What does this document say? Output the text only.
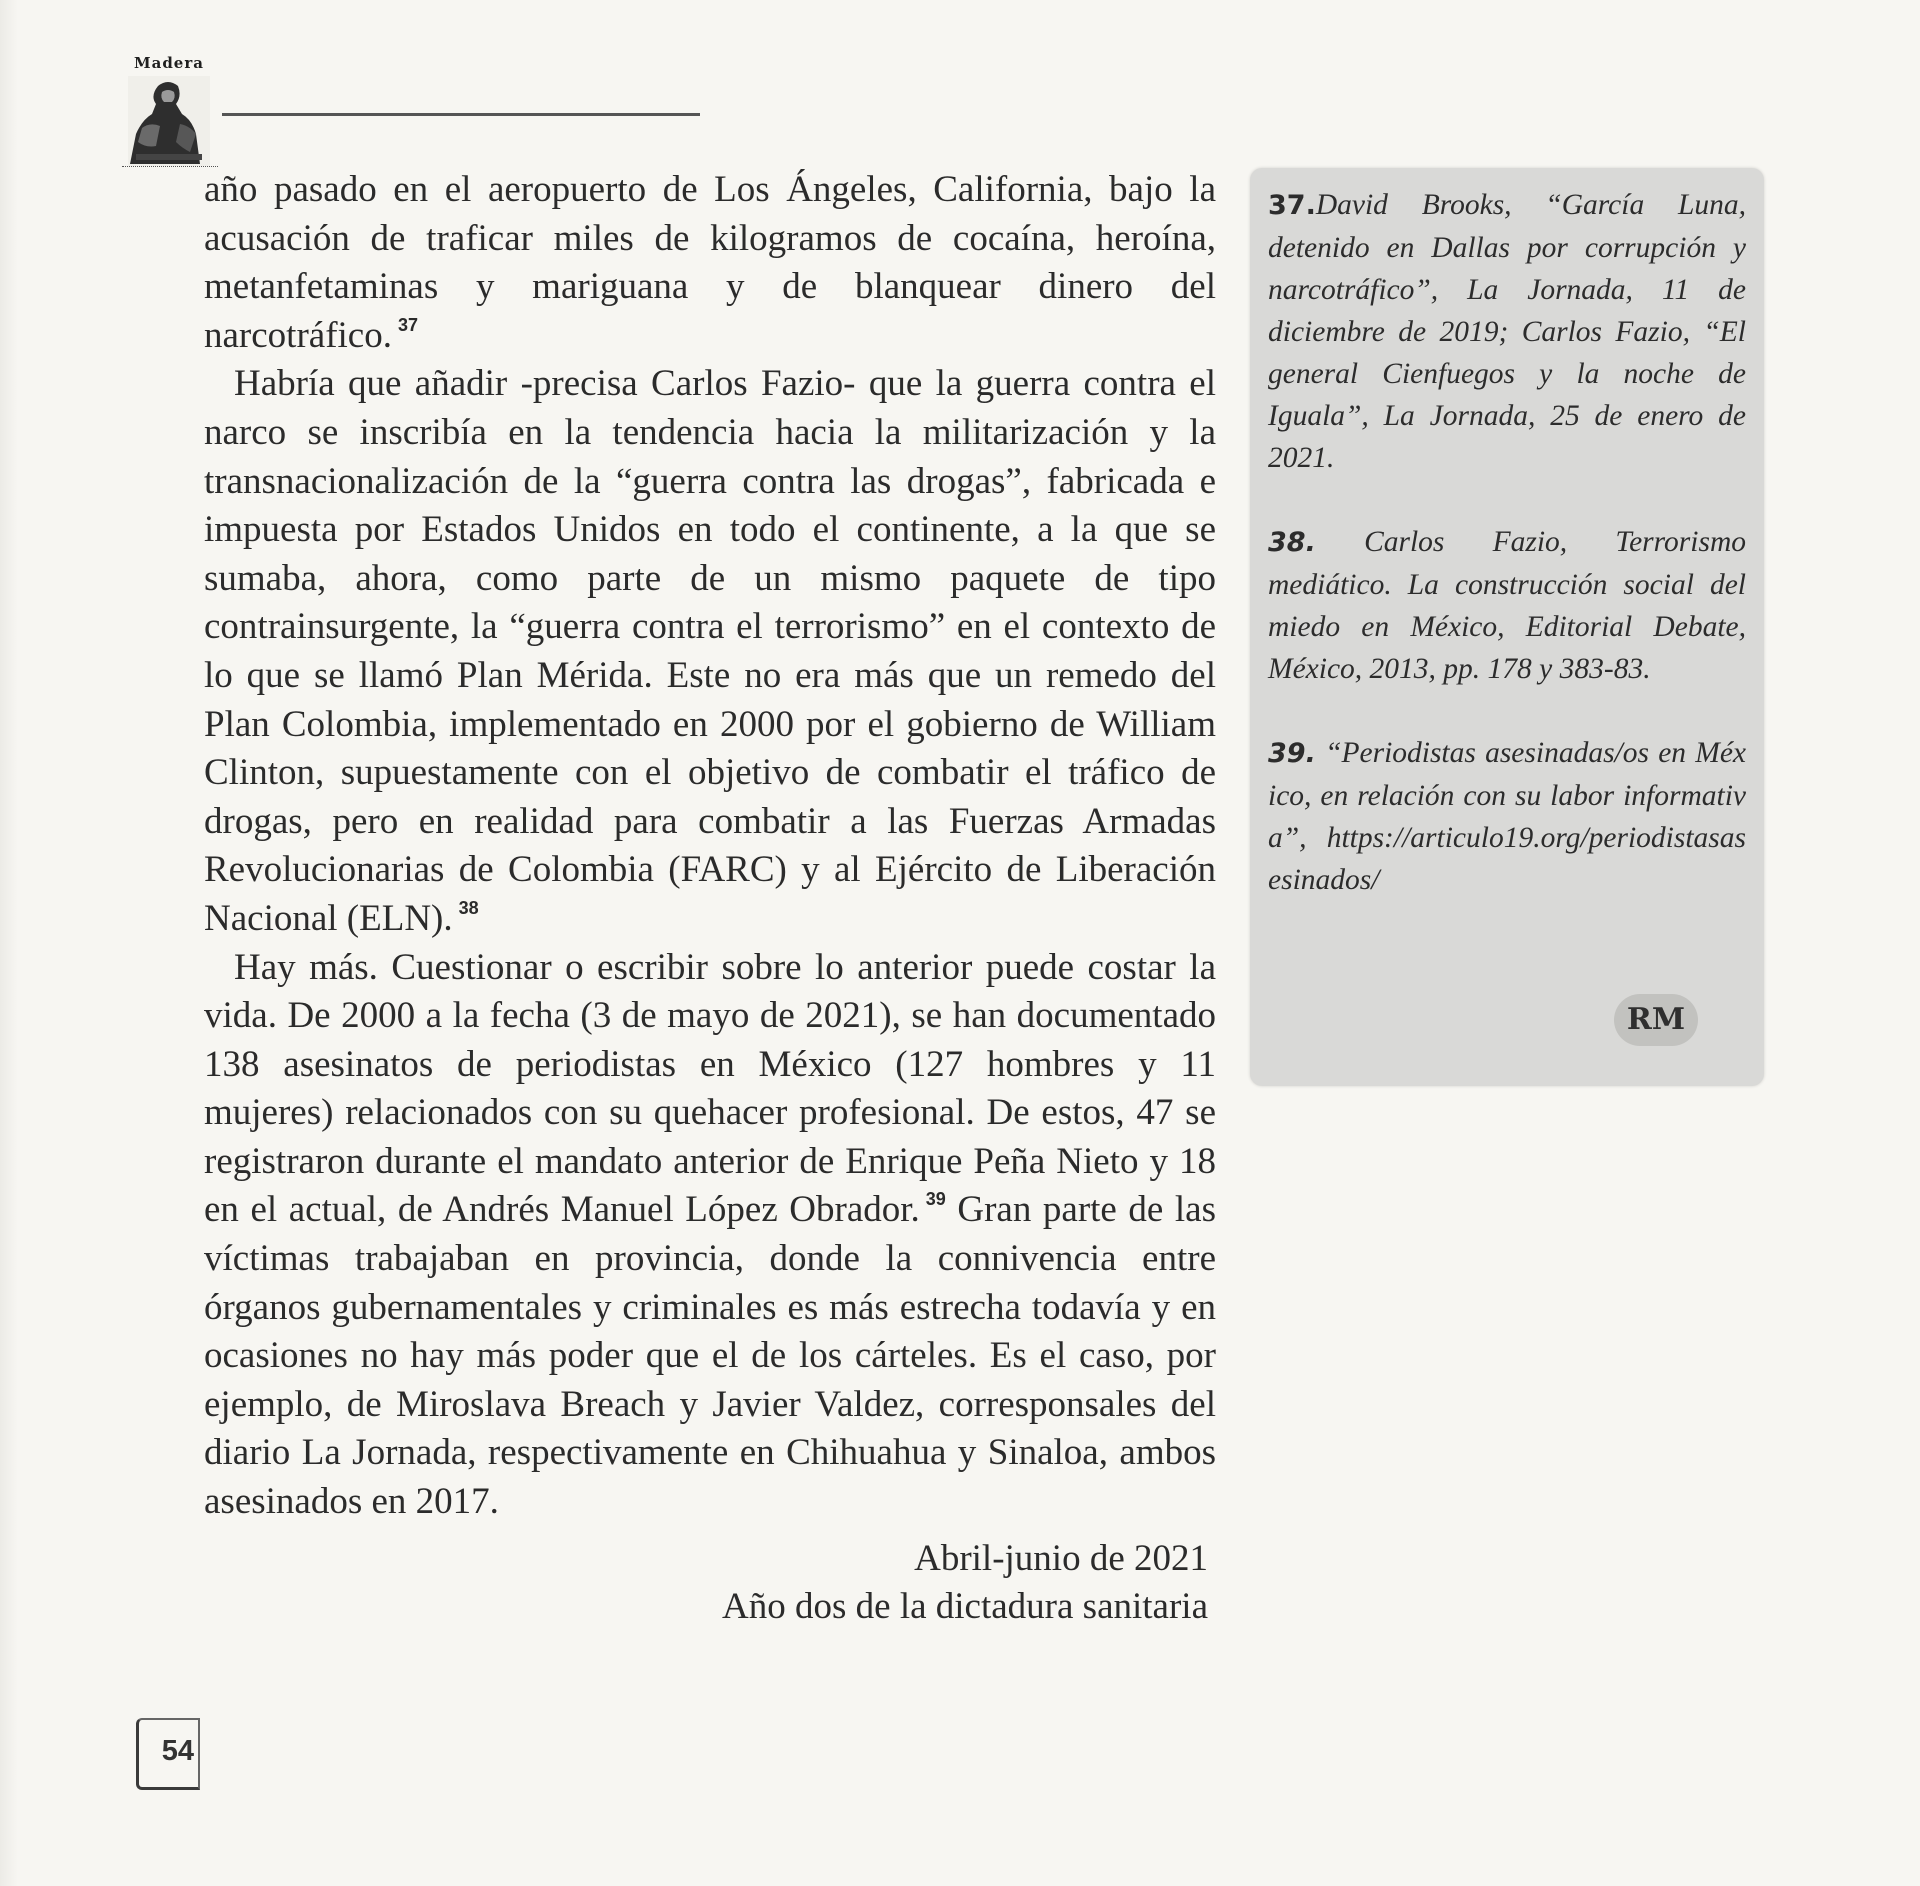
Madera

año pasado en el aeropuerto de Los Ángeles, California, bajo la acusación de traficar miles de kilogramos de cocaína, heroína, metanfetaminas y mariguana y de blanquear dinero del narcotráfico. $^{37}$

Habría que añadir -precisa Carlos Fazio- que la guerra contra el narco se inscribía en la tendencia hacia la militarización y la transnacionalización de la “guerra contra las drogas”, fabricada e impuesta por Estados Unidos en todo el continente, a la que se sumaba, ahora, como parte de un mismo paquete de tipo contrainsurgente, la “guerra contra el terrorismo” en el contexto de lo que se llamó Plan Mérida. Este no era más que un remedo del Plan Colombia, implementado en 2000 por el gobierno de William Clinton, supuestamente con el objetivo de combatir el tráfico de drogas, pero en realidad para combatir a las Fuerzas Armadas Revolucionarias de Colombia (FARC) y al Ejército de Liberación Nacional (ELN). $^{38}$

Hay más. Cuestionar o escribir sobre lo anterior puede costar la vida. De 2000 a la fecha (3 de mayo de 2021), se han documentado 138 asesinatos de periodistas en México (127 hombres y 11 mujeres) relacionados con su quehacer profesional. De estos, 47 se registraron durante el mandato anterior de Enrique Peña Nieto y 18 en el actual, de Andrés Manuel López Obrador. $^{39}$ Gran parte de las víctimas trabajaban en provincia, donde la connivencia entre órganos gubernamentales y criminales es más estrecha todavía y en ocasiones no hay más poder que el de los cárteles. Es el caso, por ejemplo, de Miroslava Breach y Javier Valdez, corresponsales del diario La Jornada, respectivamente en Chihuahua y Sinaloa, ambos asesinados en 2017.

Abril-junio de 2021
Año dos de la dictadura sanitaria

37.David Brooks, “García Luna, detenido en Dallas por corrupción y narcotráfico”, La Jornada, 11 de diciembre de 2019; Carlos Fazio, “El general Cienfuegos y la noche de Iguala”, La Jornada, 25 de enero de 2021.

38. Carlos Fazio, Terrorismo mediático. La construcción social del miedo en México, Editorial Debate, México, 2013, pp. 178 y 383-83.

39. “Periodistas asesinadas/os en México, en relación con su labor informativa”, https://articulo19.org/periodistasasesinados/

RM
54
